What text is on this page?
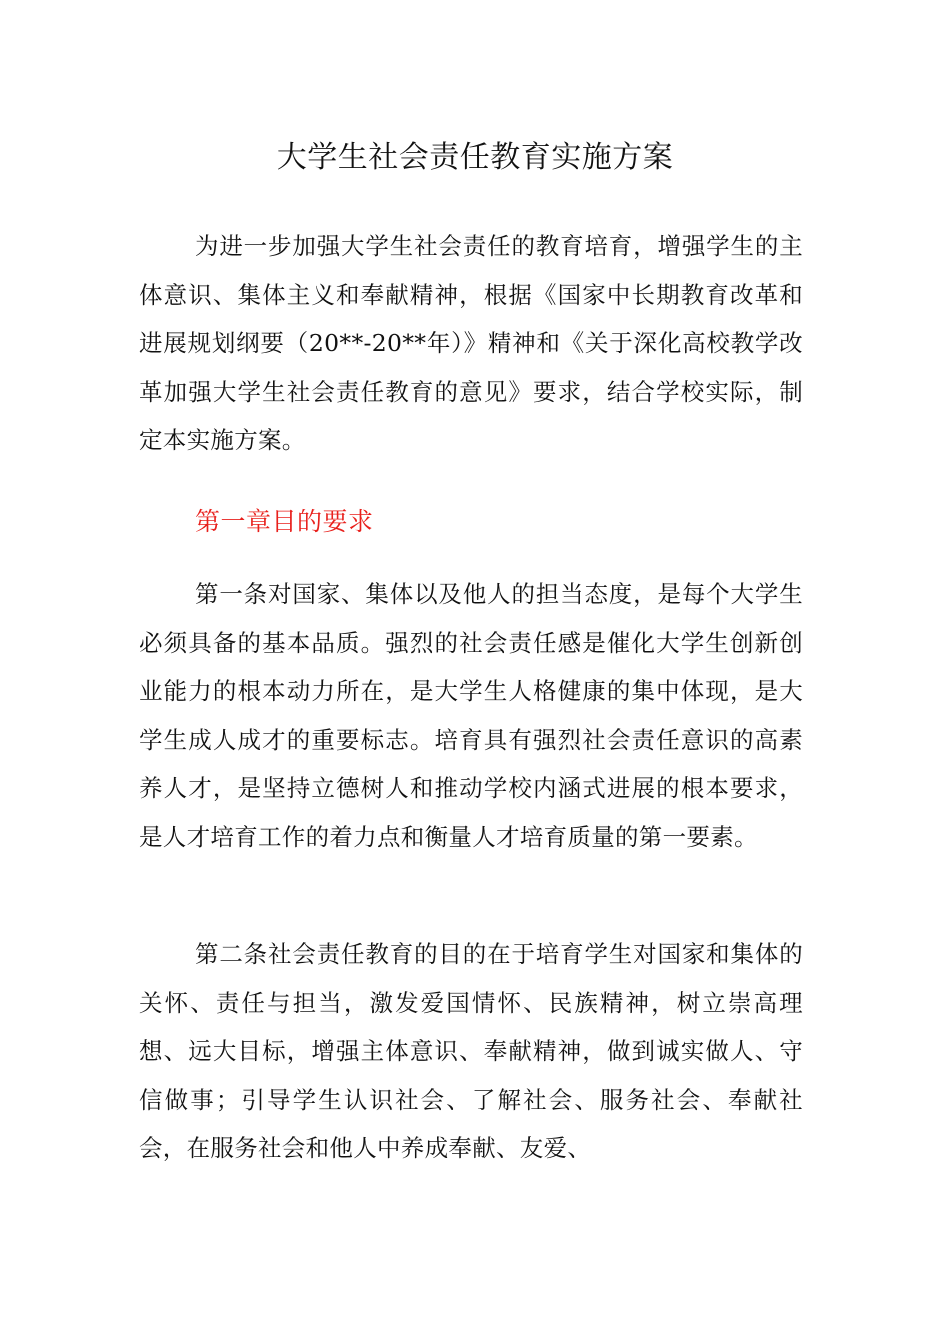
大学生社会责任教育实施方案

为进一步加强大学生社会责任的教育培育，增强学生的主体意识、集体主义和奉献精神，根据《国家中长期教育改革和进展规划纲要（20**-20**年）》精神和《关于深化高校教学改革加强大学生社会责任教育的意见》要求，结合学校实际，制定本实施方案。

第一章目的要求

第一条对国家、集体以及他人的担当态度，是每个大学生必须具备的基本品质。强烈的社会责任感是催化大学生创新创业能力的根本动力所在，是大学生人格健康的集中体现，是大学生成人成才的重要标志。培育具有强烈社会责任意识的高素养人才，是坚持立德树人和推动学校内涵式进展的根本要求，是人才培育工作的着力点和衡量人才培育质量的第一要素。

第二条社会责任教育的目的在于培育学生对国家和集体的关怀、责任与担当，激发爱国情怀、民族精神，树立崇高理想、远大目标，增强主体意识、奉献精神，做到诚实做人、守信做事；引导学生认识社会、了解社会、服务社会、奉献社会，在服务社会和他人中养成奉献、友爱、
